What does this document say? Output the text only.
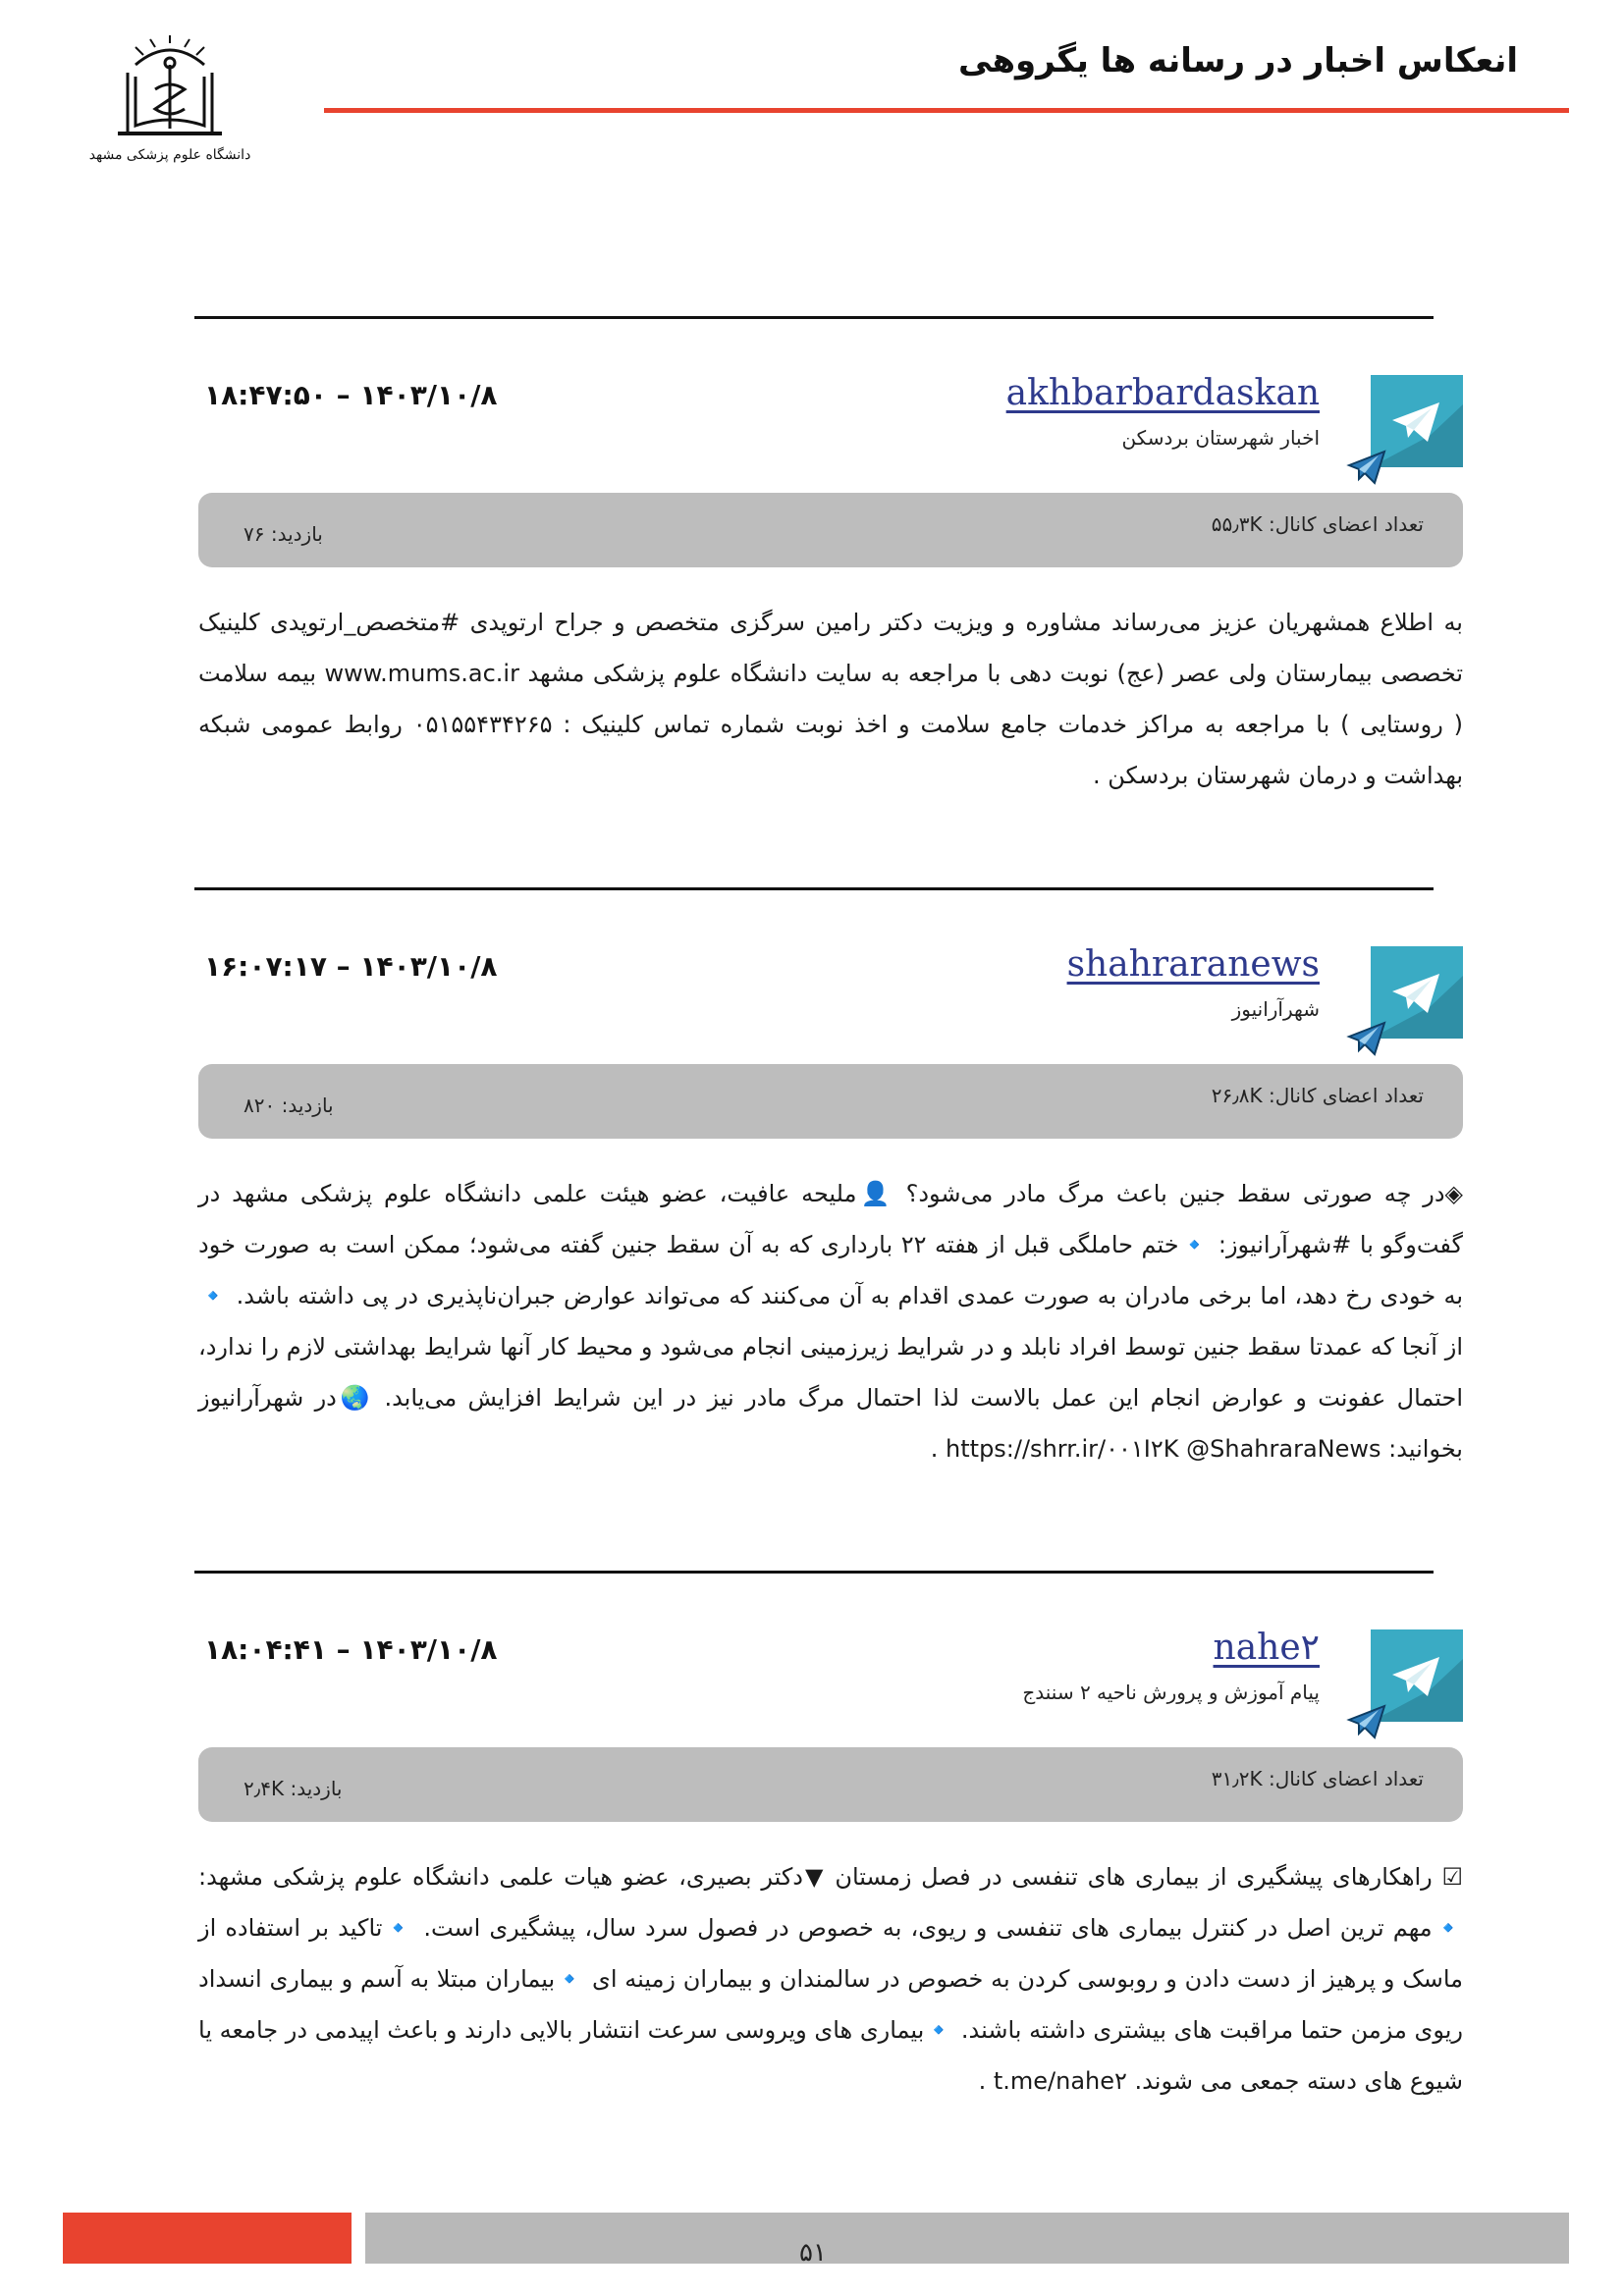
انعکاس اخبار در رسانه ها یگروهی
دانشگاه علوم پزشکی مشهد
akhbarbardaskan
اخبار شهرستان بردسکن
۱۴۰۳/۱۰/۸ – ۱۸:۴۷:۵۰
تعداد اعضای کانال: ۵۵٫۳K
بازدید: ۷۶
به اطلاع همشهریان عزیز می‌رساند مشاوره و ویزیت دکتر رامین سرگزی متخصص و جراح ارتوپدی #متخصص_ارتوپدی کلینیک تخصصی بیمارستان ولی عصر (عج) نوبت دهی با مراجعه به سایت دانشگاه علوم پزشکی مشهد www.mums.ac.ir بیمه سلامت ( روستایی ) با مراجعه به مراکز خدمات جامع سلامت و اخذ نوبت شماره تماس کلینیک : ۰۵۱۵۵۴۳۴۲۶۵ روابط عمومی شبکه بهداشت و درمان شهرستان بردسکن .
shahraranews
شهرآرانیوز
۱۴۰۳/۱۰/۸ – ۱۶:۰۷:۱۷
تعداد اعضای کانال: ۲۶٫۸K
بازدید: ۸۲۰
◈در چه صورتی سقط جنین باعث مرگ مادر می‌شود؟ 👤ملیحه عافیت، عضو هیئت علمی دانشگاه علوم پزشکی مشهد در گفت‌وگو با #شهرآرانیوز: 🔹ختم حاملگی قبل از هفته ۲۲ بارداری که به آن سقط جنین گفته می‌شود؛ ممکن است به صورت خود به خودی رخ دهد، اما برخی مادران به صورت عمدی اقدام به آن می‌کنند که می‌تواند عوارض جبران‌ناپذیری در پی داشته باشد. 🔹 از آنجا که عمدتا سقط جنین توسط افراد نابلد و در شرایط زیرزمینی انجام می‌شود و محیط کار آنها شرایط بهداشتی لازم را ندارد، احتمال عفونت و عوارض انجام این عمل بالاست لذا احتمال مرگ مادر نیز در این شرایط افزایش می‌یابد. 🌏در شهرآرانیوز بخوانید: https://shrr.ir/۰۰۱I۲K @ShahraraNews .
nahe۲
پیام آموزش و پرورش ناحیه ۲ سنندج
۱۴۰۳/۱۰/۸ – ۱۸:۰۴:۴۱
تعداد اعضای کانال: ۳۱٫۲K
بازدید: ۲٫۴K
☑ راهکارهای پیشگیری از بیماری های تنفسی در فصل زمستان ▼دکتر بصیری، عضو هیات علمی دانشگاه علوم پزشکی مشهد: 🔹مهم ترین اصل در کنترل بیماری های تنفسی و ریوی، به خصوص در فصول سرد سال، پیشگیری است. 🔹تاکید بر استفاده از ماسک و پرهیز از دست دادن و روبوسی کردن به خصوص در سالمندان و بیماران زمینه ای 🔹بیماران مبتلا به آسم و بیماری انسداد ریوی مزمن حتما مراقبت های بیشتری داشته باشند. 🔹بیماری های ویروسی سرعت انتشار بالایی دارند و باعث اپیدمی در جامعه یا شیوع های دسته جمعی می شوند. t.me/nahe۲ .
۵۱
